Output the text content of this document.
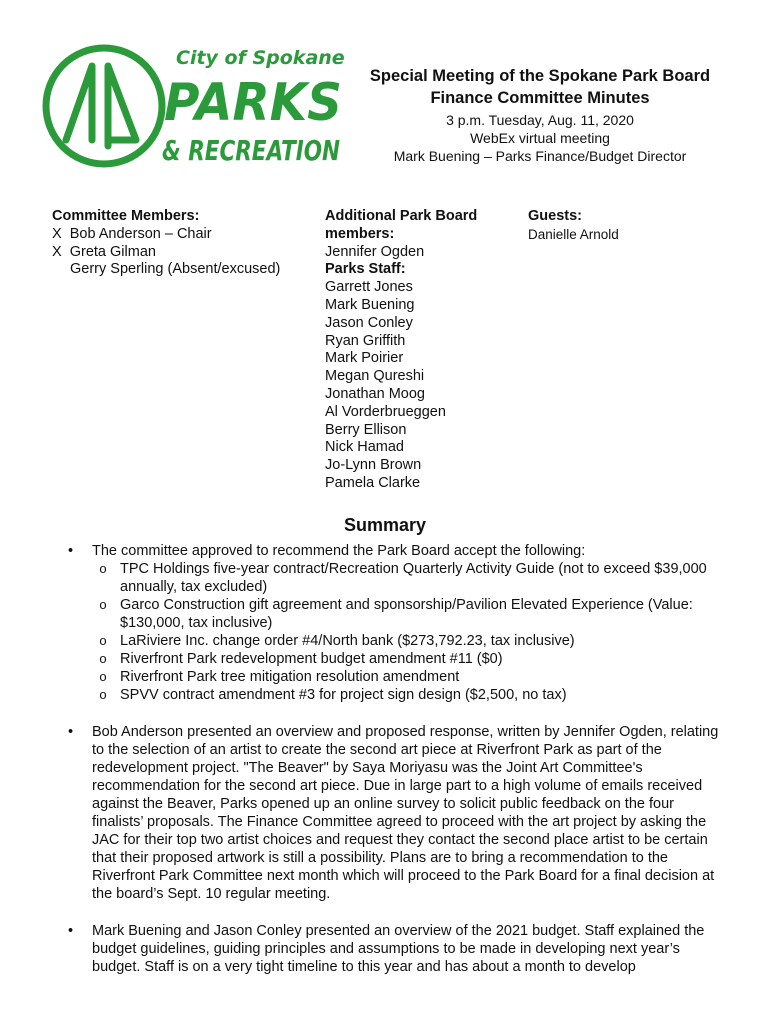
City of Spokane
PARKS
& RECREATION
Special Meeting of the Spokane Park Board
Finance Committee Minutes
3 p.m. Tuesday, Aug. 11, 2020
WebEx virtual meeting
Mark Buening – Parks Finance/Budget Director
Committee Members:
X  Bob Anderson – Chair
X  Greta Gilman
Gerry Sperling (Absent/excused)
Additional Park Board
members:
Jennifer Ogden
Parks Staff:
Garrett Jones
Mark Buening
Jason Conley
Ryan Griffith
Mark Poirier
Megan Qureshi
Jonathan Moog
Al Vorderbrueggen
Berry Ellison
Nick Hamad
Jo-Lynn Brown
Pamela Clarke
Guests:
Danielle Arnold
Summary
• The committee approved to recommend the Park Board accept the following:
o TPC Holdings five-year contract/Recreation Quarterly Activity Guide (not to exceed $39,000 annually, tax excluded)
o Garco Construction gift agreement and sponsorship/Pavilion Elevated Experience (Value: $130,000, tax inclusive)
o LaRiviere Inc. change order #4/North bank ($273,792.23, tax inclusive)
o Riverfront Park redevelopment budget amendment #11 ($0)
o Riverfront Park tree mitigation resolution amendment
o SPVV contract amendment #3 for project sign design ($2,500, no tax)
• Bob Anderson presented an overview and proposed response, written by Jennifer Ogden, relating to the selection of an artist to create the second art piece at Riverfront Park as part of the redevelopment project. "The Beaver" by Saya Moriyasu was the Joint Art Committee's recommendation for the second art piece. Due in large part to a high volume of emails received against the Beaver, Parks opened up an online survey to solicit public feedback on the four finalists’ proposals. The Finance Committee agreed to proceed with the art project by asking the JAC for their top two artist choices and request they contact the second place artist to be certain that their proposed artwork is still a possibility. Plans are to bring a recommendation to the Riverfront Park Committee next month which will proceed to the Park Board for a final decision at the board’s Sept. 10 regular meeting.
• Mark Buening and Jason Conley presented an overview of the 2021 budget. Staff explained the budget guidelines, guiding principles and assumptions to be made in developing next year’s budget. Staff is on a very tight timeline to this year and has about a month to develop
